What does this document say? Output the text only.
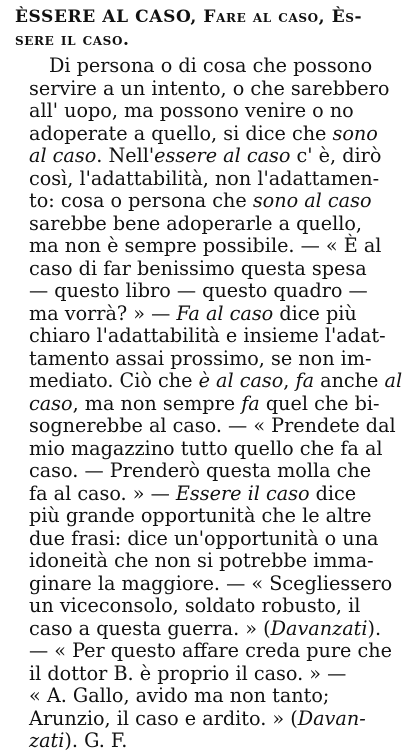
ÈSSERE AL CASO, Fare al caso, Ès-
sere il caso.
Di persona o di cosa che possono
servire a un intento, o che sarebbero
all' uopo, ma possono venire o no
adoperate a quello, si dice che sono
al caso. Nell'essere al caso c' è, dirò
così, l'adattabilità, non l'adattamen-
to: cosa o persona che sono al caso
sarebbe bene adoperarle a quello,
ma non è sempre possibile. — « È al
caso di far benissimo questa spesa
— questo libro — questo quadro —
ma vorrà? » — Fa al caso dice più
chiaro l'adattabilità e insieme l'adat-
tamento assai prossimo, se non im-
mediato. Ciò che è al caso, fa anche al
caso, ma non sempre fa quel che bi-
sognerebbe al caso. — « Prendete dal
mio magazzino tutto quello che fa al
caso. — Prenderò questa molla che
fa al caso. » — Essere il caso dice
più grande opportunità che le altre
due frasi: dice un'opportunità o una
idoneità che non si potrebbe imma-
ginare la maggiore. — « Scegliessero
un viceconsolo, soldato robusto, il
caso a questa guerra. » (Davanzati).
— « Per questo affare creda pure che
il dottor B. è proprio il caso. » —
« A. Gallo, avido ma non tanto;
Arunzio, il caso e ardito. » (Davan-
zati). G. F.
